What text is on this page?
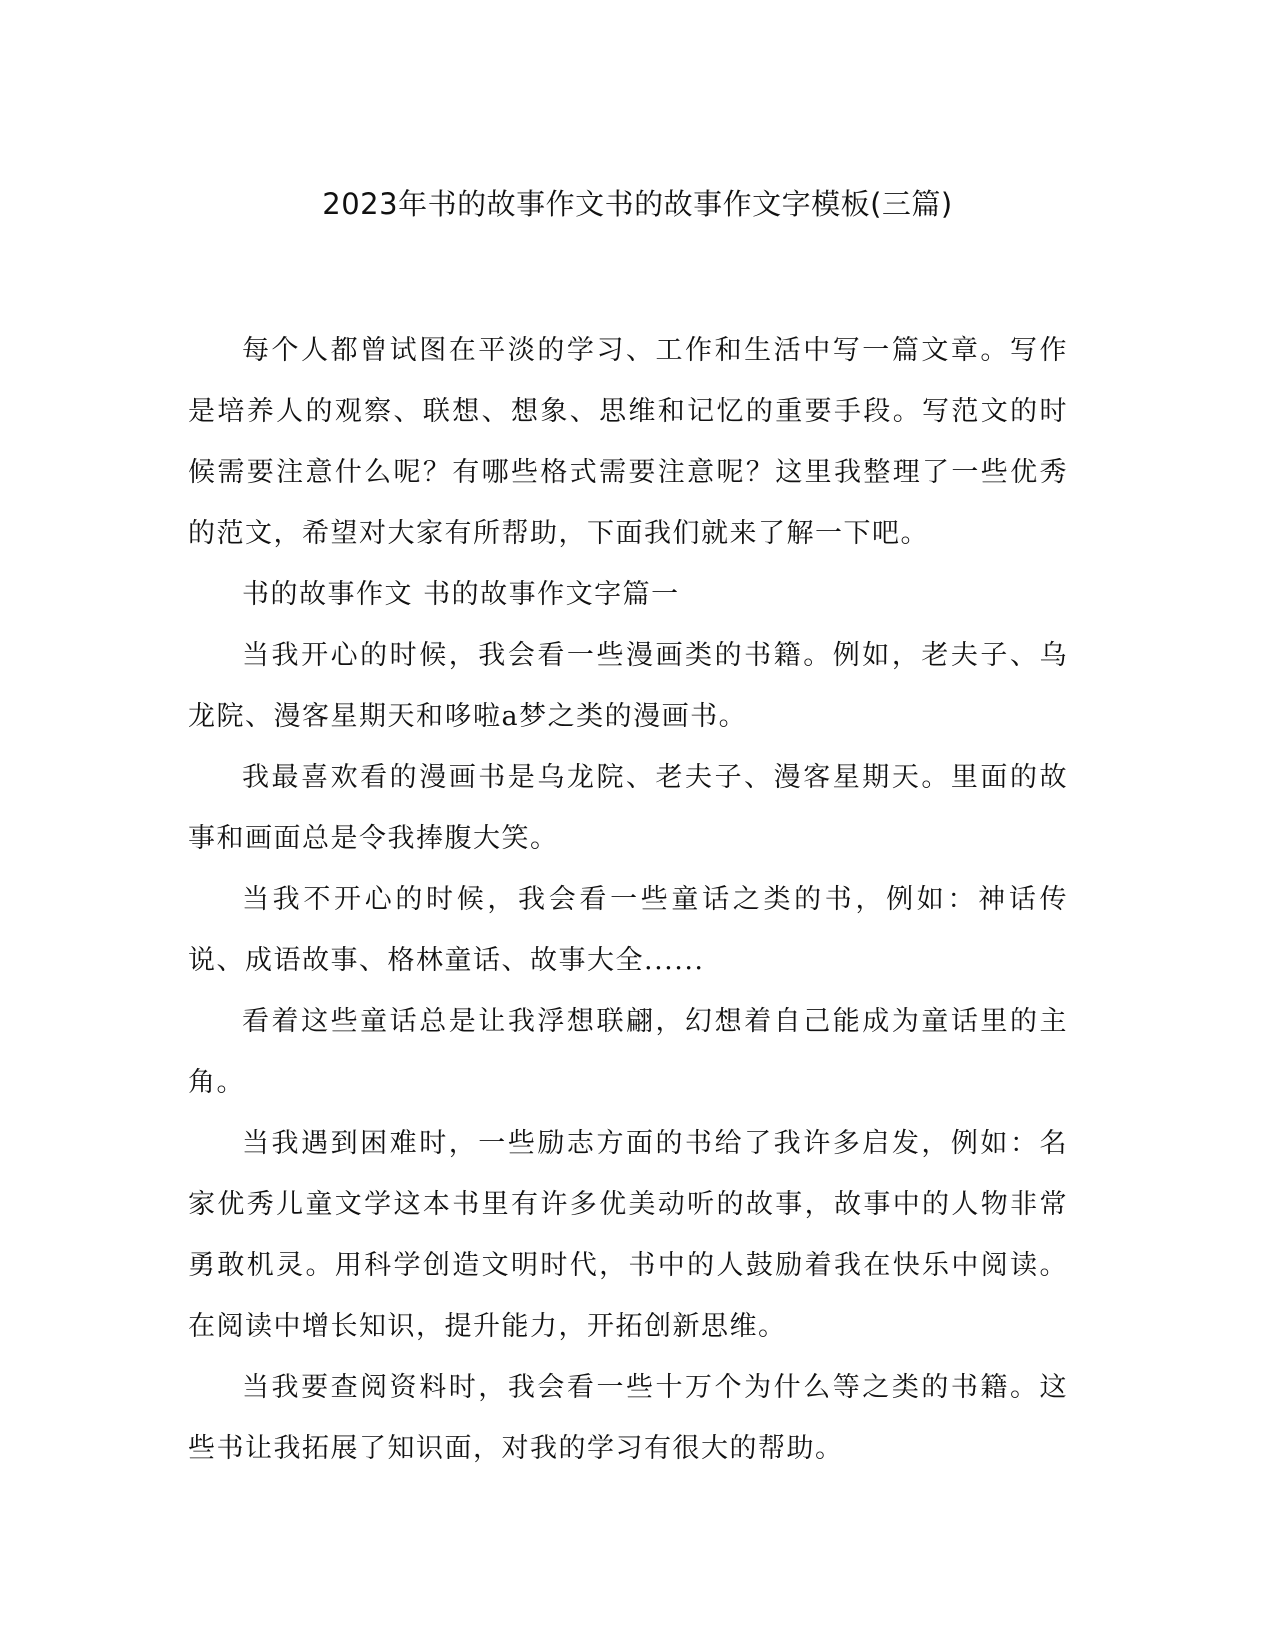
2023年书的故事作文书的故事作文字模板(三篇)

每个人都曾试图在平淡的学习、工作和生活中写一篇文章。写作是培养人的观察、联想、想象、思维和记忆的重要手段。写范文的时候需要注意什么呢？有哪些格式需要注意呢？这里我整理了一些优秀的范文，希望对大家有所帮助，下面我们就来了解一下吧。

书的故事作文 书的故事作文字篇一

当我开心的时候，我会看一些漫画类的书籍。例如，老夫子、乌龙院、漫客星期天和哆啦a梦之类的漫画书。

我最喜欢看的漫画书是乌龙院、老夫子、漫客星期天。里面的故事和画面总是令我捧腹大笑。

当我不开心的时候，我会看一些童话之类的书，例如：神话传说、成语故事、格林童话、故事大全......

看着这些童话总是让我浮想联翩，幻想着自己能成为童话里的主角。

当我遇到困难时，一些励志方面的书给了我许多启发，例如：名家优秀儿童文学这本书里有许多优美动听的故事，故事中的人物非常勇敢机灵。用科学创造文明时代，书中的人鼓励着我在快乐中阅读。在阅读中增长知识，提升能力，开拓创新思维。

当我要查阅资料时，我会看一些十万个为什么等之类的书籍。这些书让我拓展了知识面，对我的学习有很大的帮助。
